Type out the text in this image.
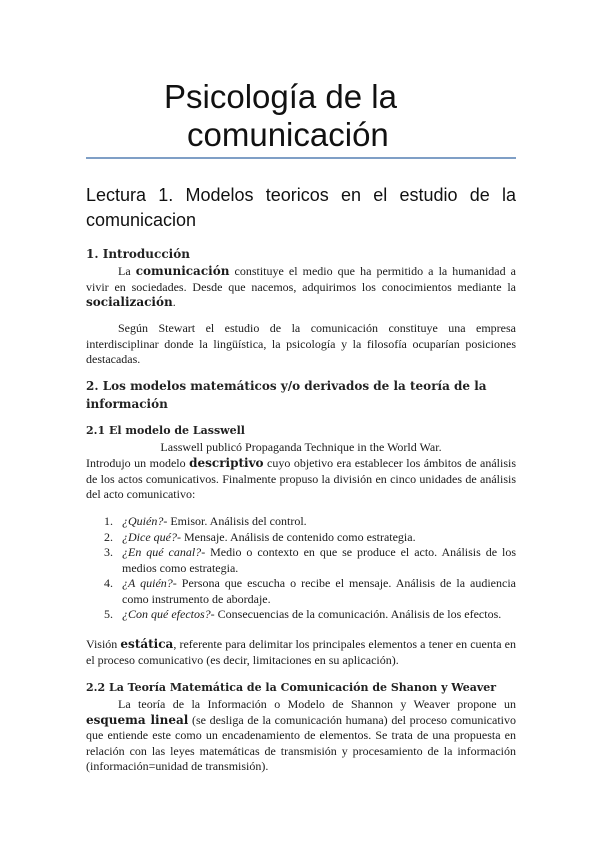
Psicología de la
comunicación
Lectura 1. Modelos teoricos en el estudio de la comunicacion
1. Introducción
La comunicación constituye el medio que ha permitido a la humanidad a vivir en sociedades. Desde que nacemos, adquirimos los conocimientos mediante la socialización.
Según Stewart el estudio de la comunicación constituye una empresa interdisciplinar donde la lingüística, la psicología y la filosofía ocuparían posiciones destacadas.
2. Los modelos matemáticos y/o derivados de la teoría de la información
2.1 El modelo de Lasswell
Lasswell publicó Propaganda Technique in the World War.
Introdujo un modelo descriptivo cuyo objetivo era establecer los ámbitos de análisis de los actos comunicativos. Finalmente propuso la división en cinco unidades de análisis del acto comunicativo:
1. ¿Quién?- Emisor. Análisis del control.
2. ¿Dice qué?- Mensaje. Análisis de contenido como estrategia.
3. ¿En qué canal?- Medio o contexto en que se produce el acto. Análisis de los medios como estrategia.
4. ¿A quién?- Persona que escucha o recibe el mensaje. Análisis de la audiencia como instrumento de abordaje.
5. ¿Con qué efectos?- Consecuencias de la comunicación. Análisis de los efectos.
Visión estática, referente para delimitar los principales elementos a tener en cuenta en el proceso comunicativo (es decir, limitaciones en su aplicación).
2.2 La Teoría Matemática de la Comunicación de Shanon y Weaver
La teoría de la Información o Modelo de Shannon y Weaver propone un esquema lineal (se desliga de la comunicación humana) del proceso comunicativo que entiende este como un encadenamiento de elementos. Se trata de una propuesta en relación con las leyes matemáticas de transmisión y procesamiento de la información (información=unidad de transmisión).
